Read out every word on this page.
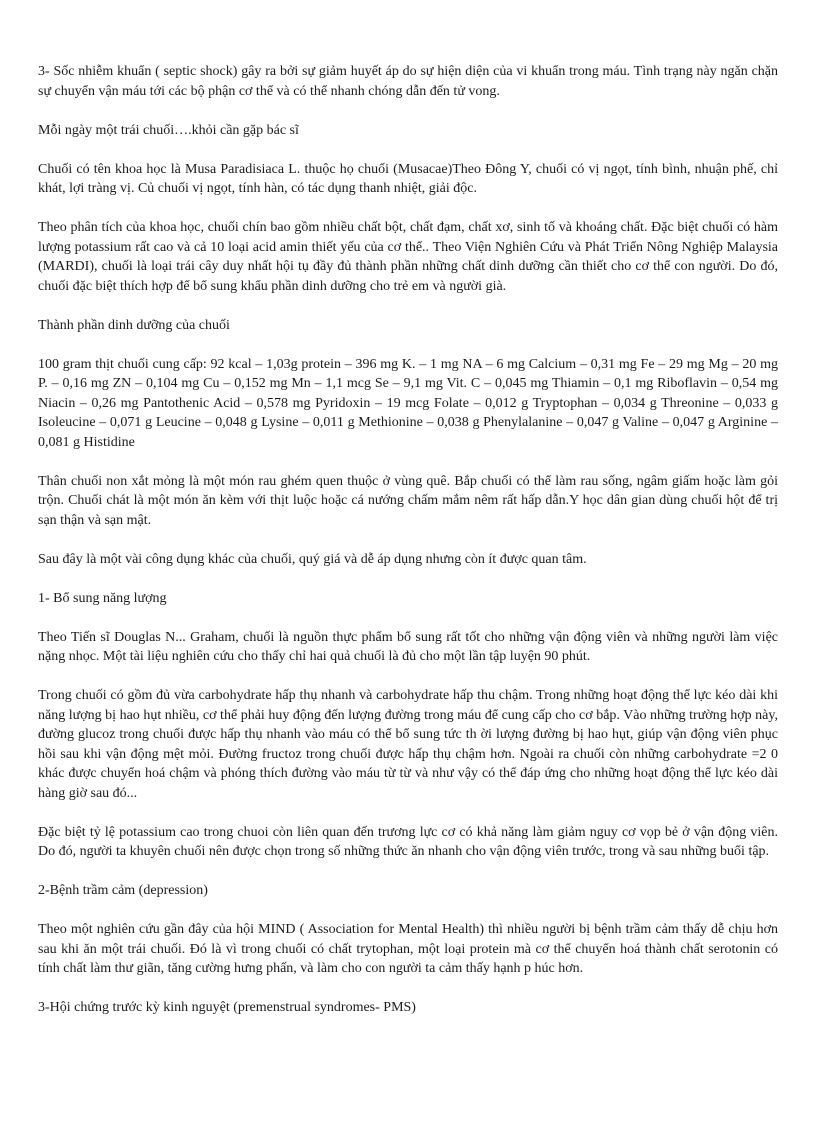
3- Sốc nhiễm khuẩn ( septic shock) gây ra bởi sự giảm huyết áp do sự hiện diện của vi khuẩn trong máu. Tình trạng này ngăn chặn sự chuyển vận máu tới các bộ phận cơ thể và có thể nhanh chóng dẫn đến tử vong.

Mỗi ngày một trái chuối….khỏi cần gặp bác sĩ

Chuối có tên khoa học là Musa Paradisiaca L. thuộc họ chuối (Musacae)Theo Đông Y, chuối có vị ngọt, tính bình, nhuận phế, chỉ khát, lợi tràng vị. Củ chuối vị ngọt, tính hàn, có tác dụng thanh nhiệt, giải độc.

Theo phân tích của khoa học, chuối chín bao gồm nhiều chất bột, chất đạm, chất xơ, sinh tố và khoáng chất. Đặc biệt chuối có hàm lượng potassium rất cao và cả 10 loại acid amin thiết yếu của cơ thể.. Theo Viện Nghiên Cứu và Phát Triển Nông Nghiệp Malaysia (MARDI), chuối là loại trái cây duy nhất hội tụ đầy đủ thành phần những chất dinh dưỡng cần thiết cho cơ thể con người. Do đó, chuối đặc biệt thích hợp để bổ sung khẩu phần dinh dưỡng cho trẻ em và người già.

Thành phần dinh dưỡng của chuối

100 gram thịt chuối cung cấp: 92 kcal – 1,03g protein – 396 mg K. – 1 mg NA – 6 mg Calcium – 0,31 mg Fe – 29 mg Mg – 20 mg P. – 0,16 mg ZN – 0,104 mg Cu – 0,152 mg Mn – 1,1 mcg Se – 9,1 mg Vit. C – 0,045 mg Thiamin – 0,1 mg Riboflavin – 0,54 mg Niacin – 0,26 mg Pantothenic Acid – 0,578 mg Pyridoxin – 19 mcg Folate – 0,012 g Tryptophan – 0,034 g Threonine – 0,033 g Isoleucine – 0,071 g Leucine – 0,048 g Lysine – 0,011 g Methionine – 0,038 g Phenylalanine – 0,047 g Valine – 0,047 g Arginine – 0,081 g Histidine

Thân chuối non xắt mỏng là một món rau ghém quen thuộc ở vùng quê. Bắp chuối có thể làm rau sống, ngâm giấm hoặc làm gỏi trộn. Chuối chát là một món ăn kèm với thịt luộc hoặc cá nướng chấm mắm nêm rất hấp dẫn.Y học dân gian dùng chuối hột để trị sạn thận và sạn mật.

Sau đây là một vài công dụng khác của chuối, quý giá và dễ áp dụng nhưng còn ít được quan tâm.

1- Bổ sung năng lượng

Theo Tiến sĩ Douglas N... Graham, chuối là nguồn thực phẩm bổ sung rất tốt cho những vận động viên và những người làm việc nặng nhọc. Một tài liệu nghiên cứu cho thấy chỉ hai quả chuối là đủ cho một lần tập luyện 90 phút.

Trong chuối có gồm đủ vừa carbohydrate hấp thụ nhanh và carbohydrate hấp thu chậm. Trong những hoạt động thể lực kéo dài khi năng lượng bị hao hụt nhiều, cơ thể phải huy động đến lượng đường trong máu để cung cấp cho cơ bắp. Vào những trường hợp này, đường glucoz trong chuối được hấp thụ nhanh vào máu có thể bổ sung tức th ời lượng đường bị hao hụt, giúp vận động viên phục hồi sau khi vận động mệt mỏi. Đường fructoz trong chuối được hấp thụ chậm hơn. Ngoài ra chuối còn những carbohydrate =2 0 khác được chuyển hoá chậm và phóng thích đường vào máu từ từ và như vậy có thể đáp ứng cho những hoạt động thể lực kéo dài hàng giờ sau đó...

Đặc biệt tỷ lệ potassium cao trong chuoi còn liên quan đến trương lực cơ có khả năng làm giảm nguy cơ vọp bẻ ở vận động viên. Do đó, người ta khuyên chuối nên được chọn trong số những thức ăn nhanh cho vận động viên trước, trong và sau những buổi tập.

2-Bệnh trầm cảm (depression)

Theo một nghiên cứu gần đây của hội MIND ( Association for Mental Health) thì nhiều người bị bệnh trầm cảm thấy dễ chịu hơn sau khi ăn một trái chuối. Đó là vì trong chuối có chất trytophan, một loại protein mà cơ thể chuyển hoá thành chất serotonin có tính chất làm thư giãn, tăng cường hưng phấn, và làm cho con người ta cảm thấy hạnh p húc hơn.

3-Hội chứng trước kỳ kinh nguyệt (premenstrual syndromes- PMS)
